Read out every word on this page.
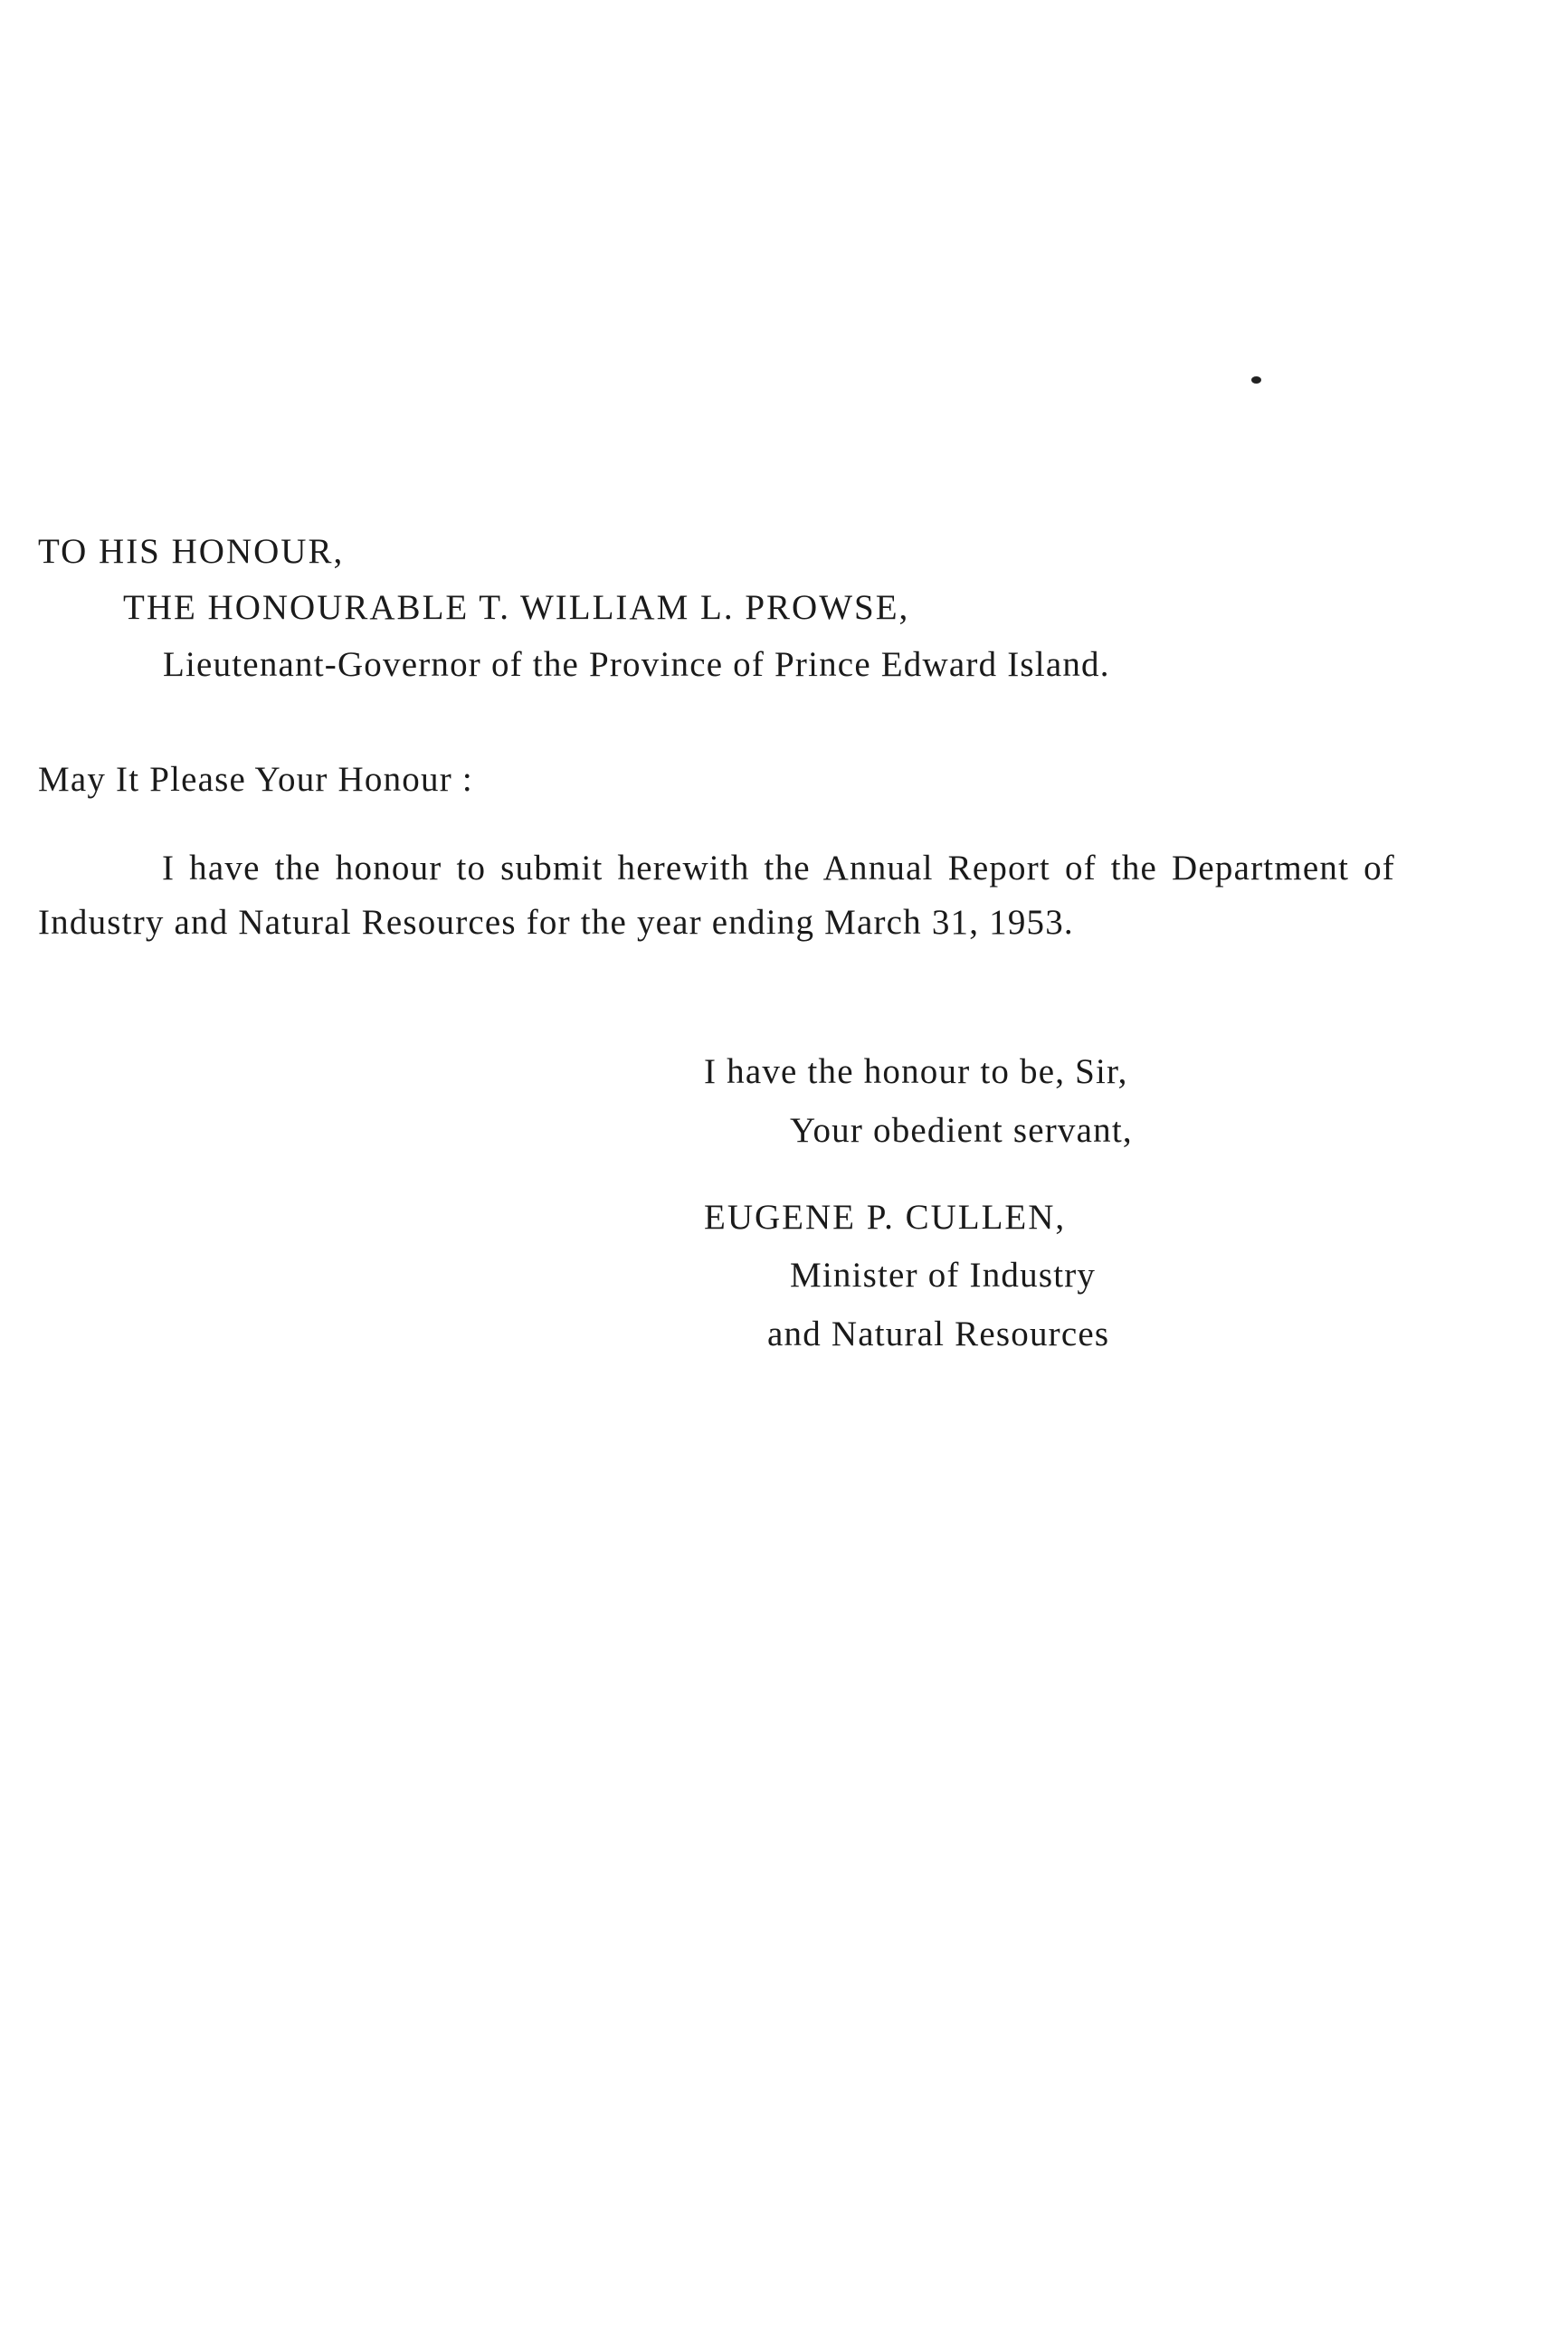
TO HIS HONOUR,
THE HONOURABLE T. WILLIAM L. PROWSE,
Lieutenant-Governor of the Province of Prince Edward Island.
May It Please Your Honour :
I have the honour to submit herewith the Annual Report of the Department of Industry and Natural Resources for the year ending March 31, 1953.
I have the honour to be, Sir,
Your obedient servant,
EUGENE P. CULLEN,
Minister of Industry
and Natural Resources
